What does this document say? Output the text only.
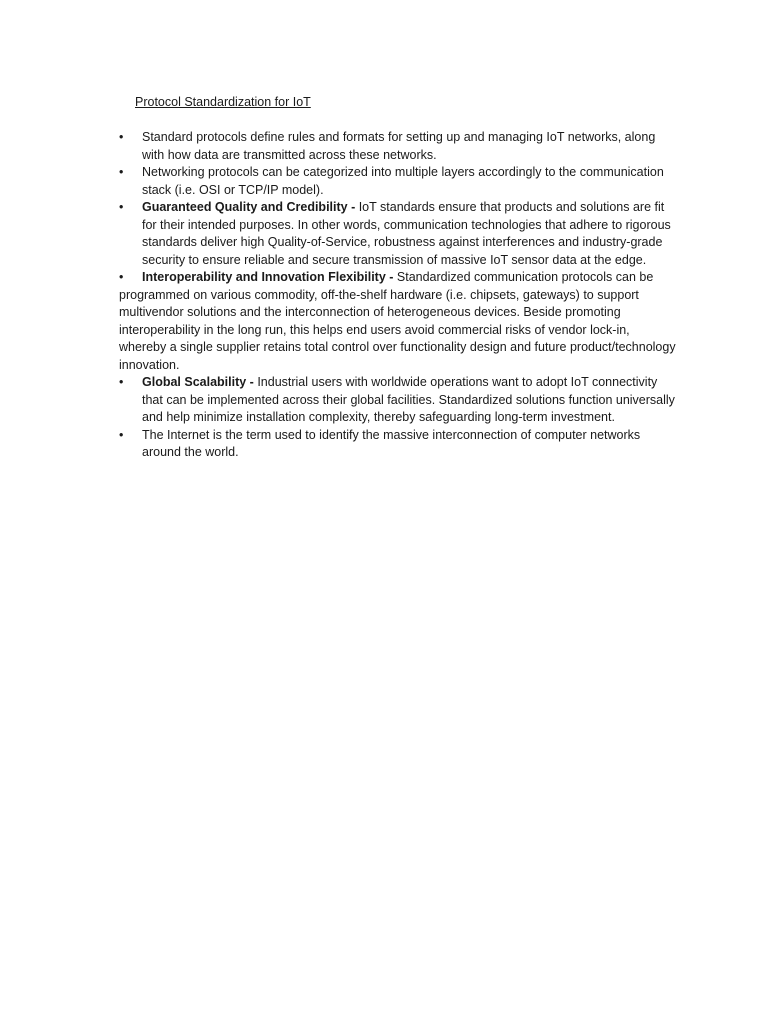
Protocol Standardization for IoT
•	Standard protocols define rules and formats for setting up and managing IoT networks, along with how data are transmitted across these networks.
•	Networking protocols can be categorized into multiple layers accordingly to the communication stack (i.e. OSI or TCP/IP model).
•	Guaranteed Quality and Credibility - IoT standards ensure that products and solutions are fit for their intended purposes. In other words, communication technologies that adhere to rigorous standards deliver high Quality-of-Service, robustness against interferences and industry-grade security to ensure reliable and secure transmission of massive IoT sensor data at the edge.
• Interoperability and Innovation Flexibility - Standardized communication protocols can be programmed on various commodity, off-the-shelf hardware (i.e. chipsets, gateways) to support multivendor solutions and the interconnection of heterogeneous devices. Beside promoting interoperability in the long run, this helps end users avoid commercial risks of vendor lock-in, whereby a single supplier retains total control over functionality design and future product/technology innovation.
•	Global Scalability - Industrial users with worldwide operations want to adopt IoT connectivity that can be implemented across their global facilities. Standardized solutions function universally and help minimize installation complexity, thereby safeguarding long-term investment.
•	The Internet is the term used to identify the massive interconnection of computer networks around the world.
